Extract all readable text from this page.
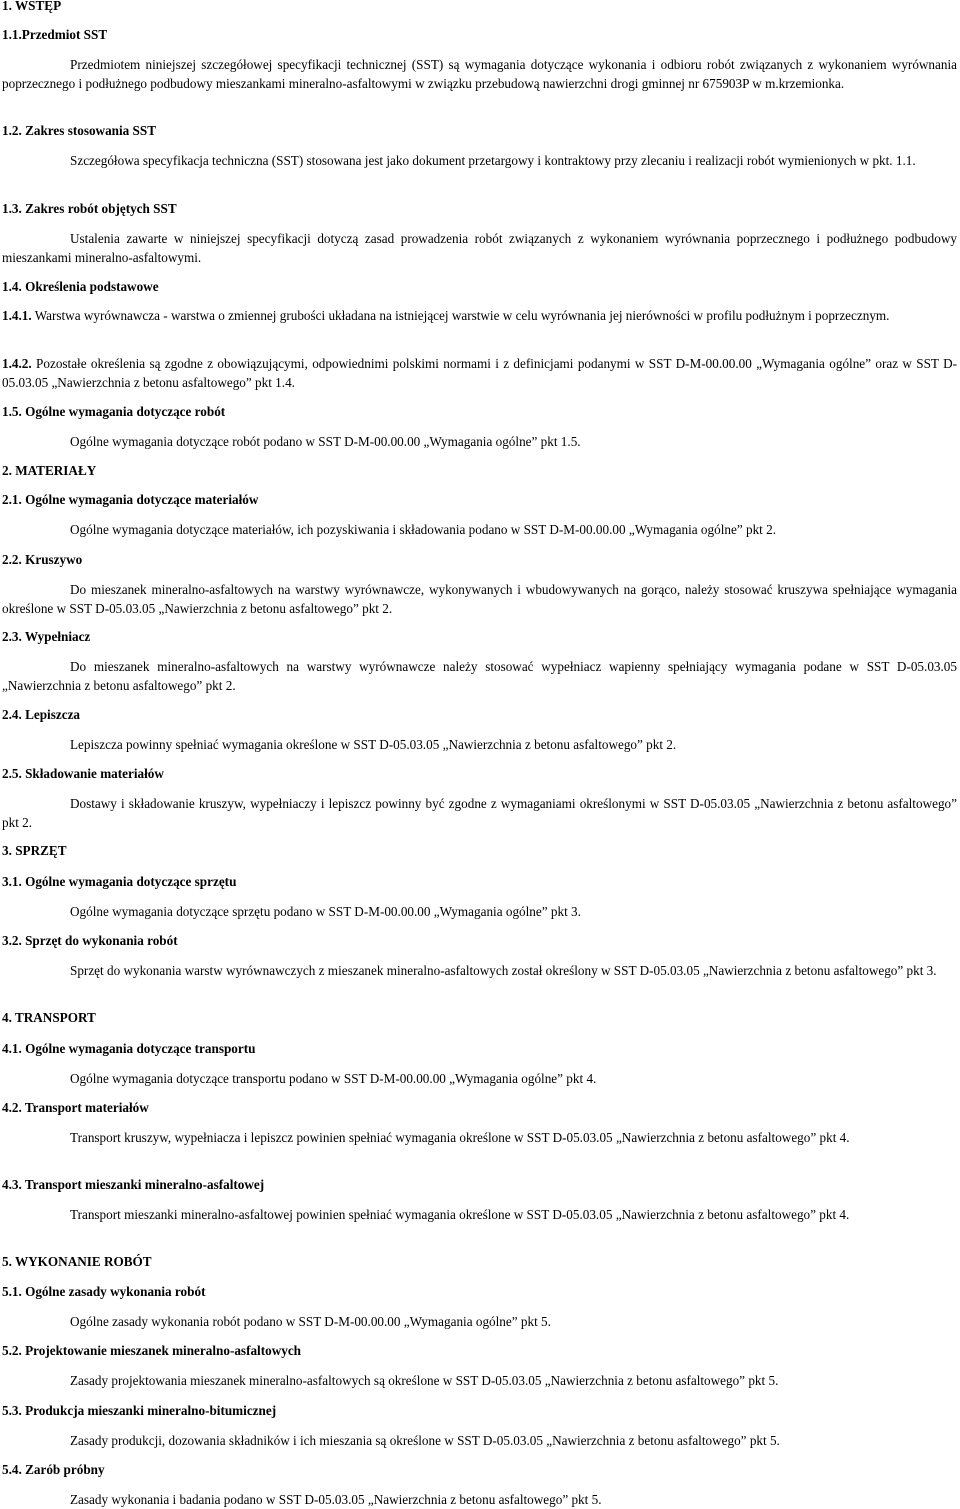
1. WSTĘP
1.1.Przedmiot SST

Przedmiotem niniejszej szczegółowej specyfikacji technicznej (SST) są wymagania dotyczące wykonania i odbioru robót związanych z wykonaniem wyrównania poprzecznego i podłużnego podbudowy mieszankami mineralno-asfaltowymi w związku przebudową nawierzchni drogi gminnej nr 675903P w m.krzemionka.

1.2. Zakres stosowania SST

Szczegółowa specyfikacja techniczna (SST) stosowana jest jako dokument przetargowy i kontraktowy przy zlecaniu i realizacji robót wymienionych w pkt. 1.1.

1.3. Zakres robót objętych SST

Ustalenia zawarte w niniejszej specyfikacji dotyczą zasad prowadzenia robót związanych z wykonaniem wyrównania poprzecznego i podłużnego podbudowy mieszankami mineralno-asfaltowymi.

1.4. Określenia podstawowe

1.4.1. Warstwa wyrównawcza - warstwa o zmiennej grubości układana na istniejącej warstwie w celu wyrównania jej nierówności w profilu podłużnym i poprzecznym.

1.4.2. Pozostałe określenia są zgodne z obowiązującymi, odpowiednimi polskimi normami i z definicjami podanymi w SST D-M-00.00.00 „Wymagania ogólne” oraz w SST D-05.03.05 „Nawierzchnia z betonu asfaltowego” pkt 1.4.

1.5. Ogólne wymagania dotyczące robót

Ogólne wymagania dotyczące robót podano w SST D-M-00.00.00 „Wymagania ogólne” pkt 1.5.

2. MATERIAŁY
2.1. Ogólne wymagania dotyczące materiałów

Ogólne wymagania dotyczące materiałów, ich pozyskiwania i składowania podano w SST D-M-00.00.00 „Wymagania ogólne” pkt 2.

2.2. Kruszywo

Do mieszanek mineralno-asfaltowych na warstwy wyrównawcze, wykonywanych i wbudowywanych na gorąco, należy stosować kruszywa spełniające wymagania określone w SST D-05.03.05 „Nawierzchnia z betonu asfaltowego” pkt 2.

2.3. Wypełniacz

Do mieszanek mineralno-asfaltowych na warstwy wyrównawcze należy stosować wypełniacz wapienny spełniający wymagania podane w SST D-05.03.05 „Nawierzchnia z betonu asfaltowego” pkt 2.

2.4. Lepiszcza

Lepiszcza powinny spełniać wymagania określone w SST D-05.03.05 „Nawierzchnia z betonu asfaltowego” pkt 2.

2.5. Składowanie materiałów

Dostawy i składowanie kruszyw, wypełniaczy i lepiszcz powinny być zgodne z wymaganiami określonymi w SST D-05.03.05 „Nawierzchnia z betonu asfaltowego” pkt 2.

3. SPRZĘT
3.1. Ogólne wymagania dotyczące sprzętu

Ogólne wymagania dotyczące sprzętu podano w SST D-M-00.00.00 „Wymagania ogólne” pkt 3.

3.2. Sprzęt do wykonania robót

Sprzęt do wykonania warstw wyrównawczych z mieszanek mineralno-asfaltowych został określony w SST D-05.03.05 „Nawierzchnia z betonu asfaltowego” pkt 3.

4. TRANSPORT
4.1. Ogólne wymagania dotyczące transportu

Ogólne wymagania dotyczące transportu podano w SST D-M-00.00.00 „Wymagania ogólne” pkt 4.

4.2. Transport materiałów

Transport kruszyw, wypełniacza i lepiszcz powinien spełniać wymagania określone w SST D-05.03.05 „Nawierzchnia z betonu asfaltowego” pkt 4.

4.3. Transport mieszanki mineralno-asfaltowej

Transport mieszanki mineralno-asfaltowej powinien spełniać wymagania określone w SST D-05.03.05 „Nawierzchnia z betonu asfaltowego” pkt 4.

5. WYKONANIE ROBÓT
5.1. Ogólne zasady wykonania robót

Ogólne zasady wykonania robót podano w SST D-M-00.00.00 „Wymagania ogólne” pkt 5.

5.2. Projektowanie mieszanek mineralno-asfaltowych

Zasady projektowania mieszanek mineralno-asfaltowych są określone w SST D-05.03.05 „Nawierzchnia z betonu asfaltowego” pkt 5.

5.3. Produkcja mieszanki mineralno-bitumicznej

Zasady produkcji, dozowania składników i ich mieszania są określone w SST D-05.03.05 „Nawierzchnia z betonu asfaltowego” pkt 5.

5.4. Zarób próbny

Zasady wykonania i badania podano w SST D-05.03.05 „Nawierzchnia z betonu asfaltowego” pkt 5.
